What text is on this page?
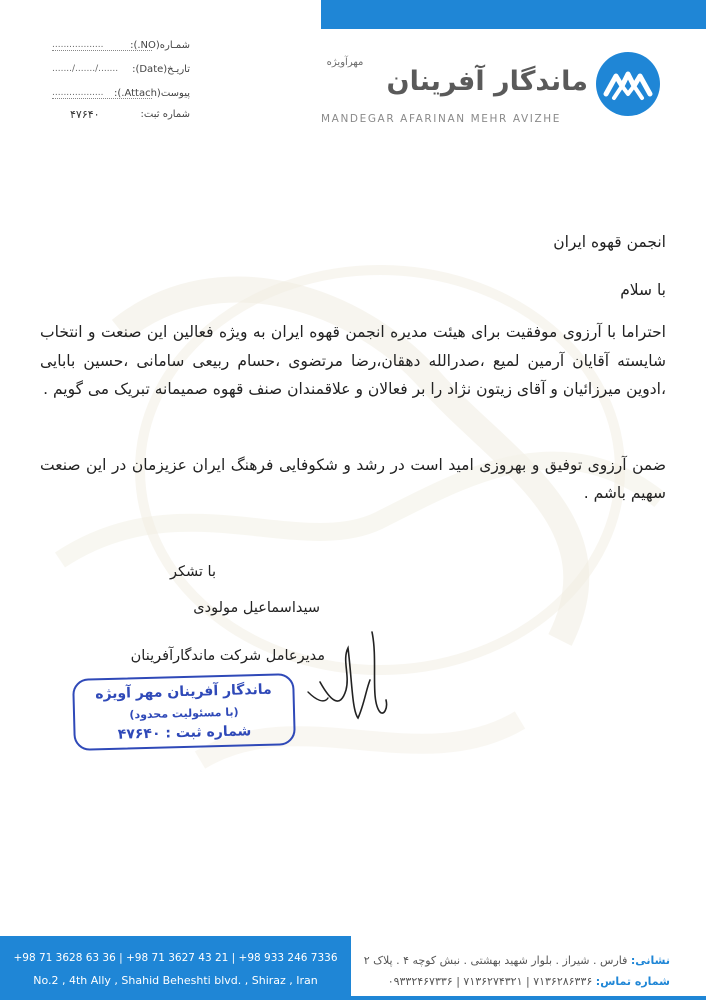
مهرآویژه
ماندگار آفرینان
MANDEGAR AFARINAN MEHR AVIZHE
شمـاره(NO.):
..................
تاریـخ(Date):
......./......./.......
پیوست(Attach.):
..................
شماره ثبت:
۴۷۶۴۰
انجمن قهوه ایران
با سلام
احتراما با آرزوی موفقیت برای هیئت مدیره انجمن قهوه ایران به ویژه فعالین این صنعت و انتخاب شایسته آقایان آرمین لمیع ،صدرالله دهقان،رضا مرتضوی ،حسام ربیعی سامانی ،حسین بابایی ،ادوین میرزائیان و آقای زیتون نژاد را بر فعالان و علاقمندان صنف قهوه صمیمانه تبریک می گویم .
ضمن آرزوی توفیق و بهروزی امید است در رشد و شکوفایی فرهنگ ایران عزیزمان در این صنعت سهیم باشم .
با تشکر
سیداسماعیل مولودی
مدیرعامل شرکت ماندگارآفرینان
ماندگار آفرینان مهر آویژه
(با مسئولیت محدود)
شماره ثبت : ۴۷۶۴۰
+98 71 3628 63 36 | +98 71 3627 43 21 | +98 933 246 7336
No.2 , 4th Ally , Shahid Beheshti blvd. , Shiraz , Iran
نشانی: فارس . شیراز . بلوار شهید بهشتی . نبش کوچه ۴ . پلاک ۲
شماره تماس: ۷۱۳۶۲۸۶۳۳۶ | ۷۱۳۶۲۷۴۳۲۱ | ۰۹۳۳۲۴۶۷۳۳۶
